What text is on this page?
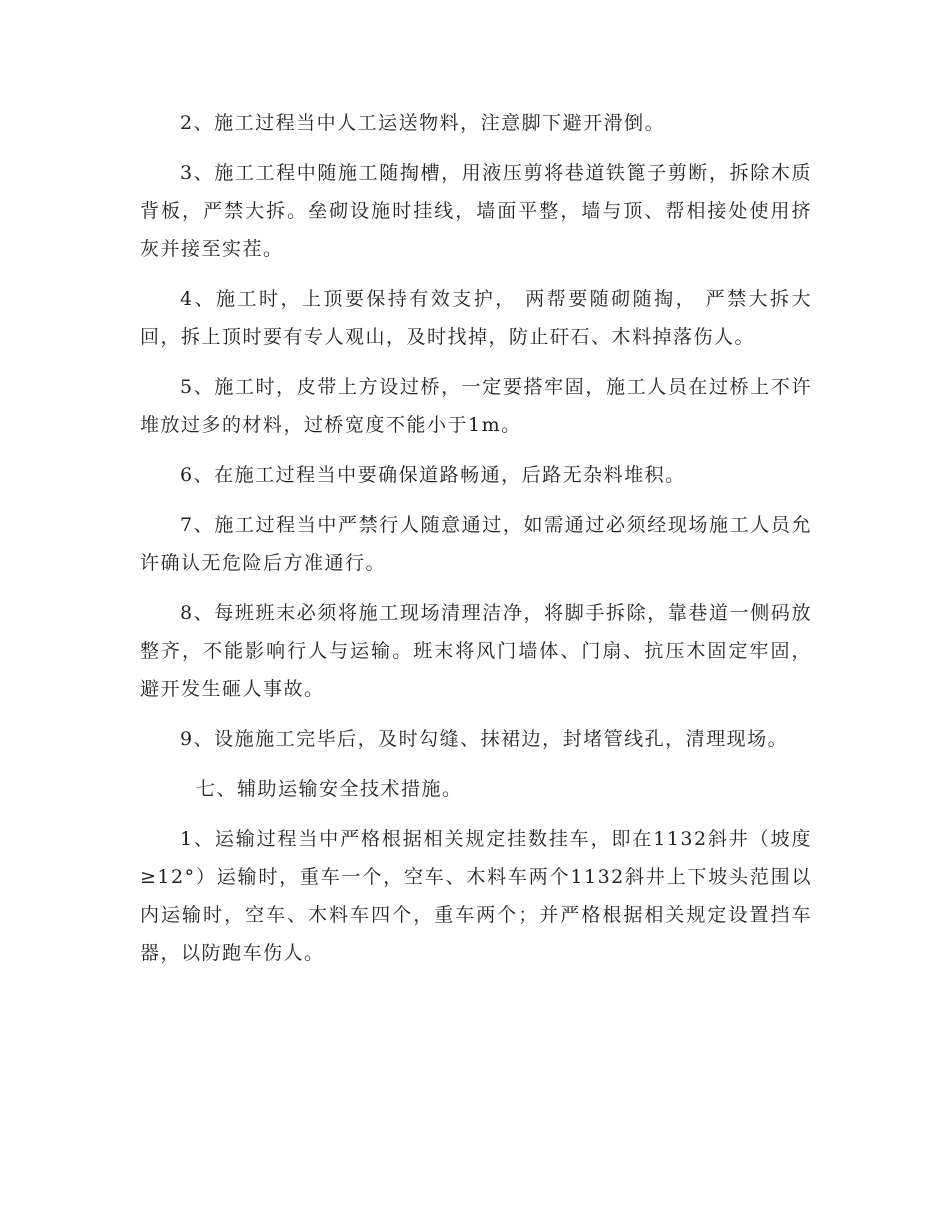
2、施工过程当中人工运送物料，注意脚下避开滑倒。

3、施工工程中随施工随掏槽，用液压剪将巷道铁篦子剪断，拆除木质背板，严禁大拆。垒砌设施时挂线，墙面平整，墙与顶、帮相接处使用挤灰并接至实茬。

4、施工时，上顶要保持有效支护， 两帮要随砌随掏， 严禁大拆大回，拆上顶时要有专人观山，及时找掉，防止矸石、木料掉落伤人。

5、施工时，皮带上方设过桥，一定要搭牢固，施工人员在过桥上不许堆放过多的材料，过桥宽度不能小于1m。

6、在施工过程当中要确保道路畅通，后路无杂料堆积。

7、施工过程当中严禁行人随意通过，如需通过必须经现场施工人员允许确认无危险后方准通行。

8、每班班末必须将施工现场清理洁净，将脚手拆除，靠巷道一侧码放整齐，不能影响行人与运输。班末将风门墙体、门扇、抗压木固定牢固，避开发生砸人事故。

9、设施施工完毕后，及时勾缝、抹裙边，封堵管线孔，清理现场。

七、辅助运输安全技术措施。

1、运输过程当中严格根据相关规定挂数挂车，即在1132斜井（坡度≥12°）运输时，重车一个，空车、木料车两个1132斜井上下坡头范围以内运输时，空车、木料车四个，重车两个；并严格根据相关规定设置挡车器，以防跑车伤人。
